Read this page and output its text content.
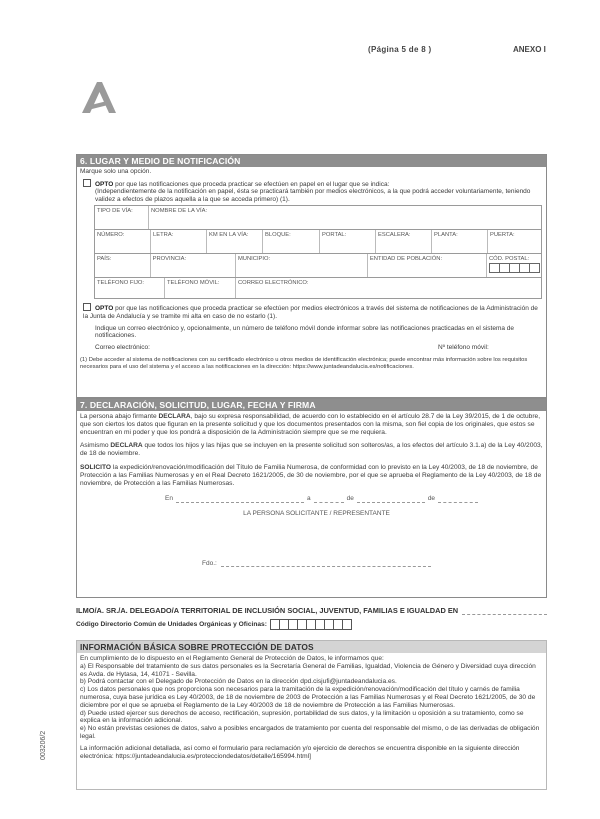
(Página 5 de 8 )	ANEXO I
6. LUGAR Y MEDIO DE NOTIFICACIÓN
Marque solo una opción.
OPTO por que las notificaciones que proceda practicar se efectúen en papel en el lugar que se indica:
(Independientemente de la notificación en papel, ésta se practicará también por medios electrónicos, a la que podrá acceder voluntariamente, teniendo validez a efectos de plazos aquella a la que se acceda primero) (1).
TIPO DE VÍA:	NOMBRE DE LA VÍA:
NÚMERO:	LETRA:	KM EN LA VÍA:	BLOQUE:	PORTAL:	ESCALERA:	PLANTA:	PUERTA:
PAÍS:	PROVINCIA:	MUNICIPIO:	ENTIDAD DE POBLACIÓN:	CÓD. POSTAL:
TELÉFONO FIJO:	TELÉFONO MÓVIL:	CORREO ELECTRÓNICO:
OPTO por que las notificaciones que proceda practicar se efectúen por medios electrónicos a través del sistema de notificaciones de la Administración de la Junta de Andalucía y se tramite mi alta en caso de no estarlo (1).
Indique un correo electrónico y, opcionalmente, un número de teléfono móvil donde informar sobre las notificaciones practicadas en el sistema de notificaciones.
Correo electrónico:	Nº teléfono móvil:
(1) Debe acceder al sistema de notificaciones con su certificado electrónico u otros medios de identificación electrónica; puede encontrar más información sobre los requisitos necesarios para el uso del sistema y el acceso a las notificaciones en la dirección: https://www.juntadeandalucia.es/notificaciones.
7. DECLARACIÓN, SOLICITUD, LUGAR, FECHA Y FIRMA
La persona abajo firmante DECLARA, bajo su expresa responsabilidad, de acuerdo con lo establecido en el artículo 28.7 de la Ley 39/2015, de 1 de octubre, que son ciertos los datos que figuran en la presente solicitud y que los documentos presentados con la misma, son fiel copia de los originales, que estos se encuentran en mi poder y que los pondrá a disposición de la Administración siempre que se me requiera.
Asimismo DECLARA que todos los hijos y las hijas que se incluyen en la presente solicitud son solteros/as, a los efectos del artículo 3.1.a) de la Ley 40/2003, de 18 de noviembre.
SOLICITO la expedición/renovación/modificación del Título de Familia Numerosa, de conformidad con lo previsto en la Ley 40/2003, de 18 de noviembre, de Protección a las Familias Numerosas y en el Real Decreto 1621/2005, de 30 de noviembre, por el que se aprueba el Reglamento de la Ley 40/2003, de 18 de noviembre, de Protección a las Familias Numerosas.
En	a	de	de
LA PERSONA SOLICITANTE / REPRESENTANTE
Fdo.:
ILMO/A. SR./A. DELEGADO/A TERRITORIAL DE INCLUSIÓN SOCIAL, JUVENTUD, FAMILIAS E IGUALDAD EN
Código Directorio Común de Unidades Orgánicas y Oficinas:
INFORMACIÓN BÁSICA SOBRE PROTECCIÓN DE DATOS
En cumplimiento de lo dispuesto en el Reglamento General de Protección de Datos, le informamos que:
a) El Responsable del tratamiento de sus datos personales es la Secretaría General de Familias, Igualdad, Violencia de Género y Diversidad cuya dirección es Avda. de Hytasa, 14, 41071 - Sevilla.
b) Podrá contactar con el Delegado de Protección de Datos en la dirección dpd.cisjufi@juntadeandalucia.es.
c) Los datos personales que nos proporciona son necesarios para la tramitación de la expedición/renovación/modificación del título y carnés de familia numerosa, cuya base jurídica es Ley 40/2003, de 18 de noviembre de 2003 de Protección a las Familias Numerosas y el Real Decreto 1621/2005, de 30 de diciembre por el que se aprueba el Reglamento de la Ley 40/2003 de 18 de noviembre de Protección a las Familias Numerosas.
d) Puede usted ejercer sus derechos de acceso, rectificación, supresión, portabilidad de sus datos, y la limitación u oposición a su tratamiento, como se explica en la información adicional.
e) No están previstas cesiones de datos, salvo a posibles encargados de tratamiento por cuenta del responsable del mismo, o de las derivadas de obligación legal.
La información adicional detallada, así como el formulario para reclamación y/o ejercicio de derechos se encuentra disponible en la siguiente dirección electrónica: https://juntadeandalucia.es/protecciondedatos/detalle/165994.html]
003206/2
